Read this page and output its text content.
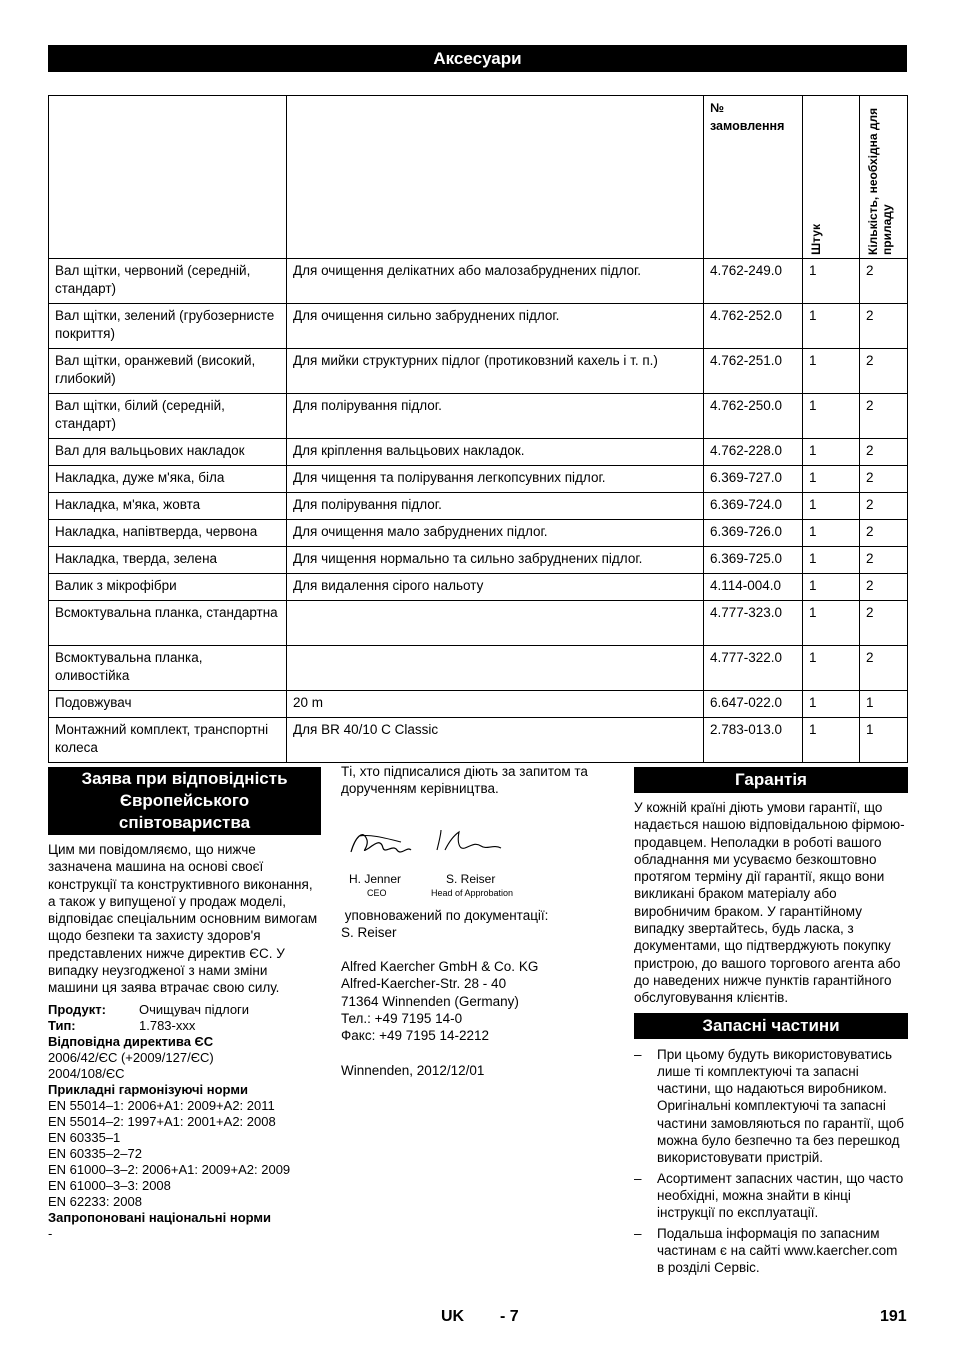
Аксесуари
		№ замовлення	Штук	Кількість, необхідна для приладу

Вал щітки, червоний (середній, стандарт)	Для очищення делікатних або малозабруднених підлог.	4.762-249.0	1	2
Вал щітки, зелений (грубозернисте покриття)	Для очищення сильно забруднених підлог.	4.762-252.0	1	2
Вал щітки, оранжевий (високий, глибокий)	Для мийки структурних підлог (протиковзний кахель і т. п.)	4.762-251.0	1	2
Вал щітки, білий (середній, стандарт)	Для полірування підлог.	4.762-250.0	1	2
Вал для вальцьових накладок	Для кріплення вальцьових накладок.	4.762-228.0	1	2
Накладка, дуже м'яка, біла	Для чищення та полірування легкопсувних підлог.	6.369-727.0	1	2
Накладка, м'яка, жовта	Для полірування підлог.	6.369-724.0	1	2
Накладка, напівтверда, червона	Для очищення мало забруднених підлог.	6.369-726.0	1	2
Накладка, тверда, зелена	Для чищення нормально та сильно забруднених підлог.	6.369-725.0	1	2
Валик з мікрофібри	Для видалення сірого нальоту	4.114-004.0	1	2
Всмоктувальна планка, стандартна		4.777-323.0	1	2
Всмоктувальна планка, оливостійка		4.777-322.0	1	2
Подовжувач	20 m	6.647-022.0	1	1
Монтажний комплект, транспортні колеса	Для BR 40/10 C Classic	2.783-013.0	1	1
Заява при відповідність Європейського співтовариства
Цим ми повідомляємо, що нижче зазначена машина на основі своєї конструкції та конструктивного виконання, а також у випущеної у продаж моделі, відповідає спеціальним основним вимогам щодо безпеки та захисту здоров'я представлених нижче директив ЄС. У випадку неузгодженої з нами зміни машини ця заява втрачає свою силу.
Продукт:	Очищувач підлоги
Тип:	1.783-xxx
Відповідна директива ЄС
2006/42/ЄС (+2009/127/ЄС)
2004/108/ЄС
Прикладні гармонізуючі норми
EN 55014–1: 2006+A1: 2009+A2: 2011
EN 55014–2: 1997+A1: 2001+A2: 2008
EN 60335–1
EN 60335–2–72
EN 61000–3–2: 2006+A1: 2009+A2: 2009
EN 61000–3–3: 2008
EN 62233: 2008
Запропоновані національні норми
-
Ті, хто підписалися діють за запитом та дорученням керівництва.
H. Jenner
CEO
S. Reiser
Head of Approbation
уповноважений по документації:
S. Reiser
Alfred Kaercher GmbH & Co. KG
Alfred-Kaercher-Str. 28 - 40
71364 Winnenden (Germany)
Тел.: +49 7195 14-0
Факс: +49 7195 14-2212
Winnenden, 2012/12/01
Гарантія
У кожній країні діють умови гарантії, що надається нашою відповідальною фірмою-продавцем. Неполадки в роботі вашого обладнання ми усуваємо безкоштовно протягом терміну дії гарантії, якщо вони викликані браком матеріалу або виробничим браком. У гарантійному випадку звертайтесь, будь ласка, з документами, що підтверджують покупку пристрою, до вашого торгового агента або до наведених нижче пунктів гарантійного обслуговування клієнтів.
Запасні частини
– При цьому будуть використовуватись лише ті комплектуючі та запасні частини, що надаються виробником. Оригінальні комплектуючі та запасні частини замовляються по гарантії, щоб можна було безпечно та без перешкод використовувати пристрій.
– Асортимент запасних частин, що часто необхідні, можна знайти в кінці інструкції по експлуатації.
– Подальша інформація по запасним частинам є на сайті www.kaercher.com в розділі Сервіс.
UK - 7	191
